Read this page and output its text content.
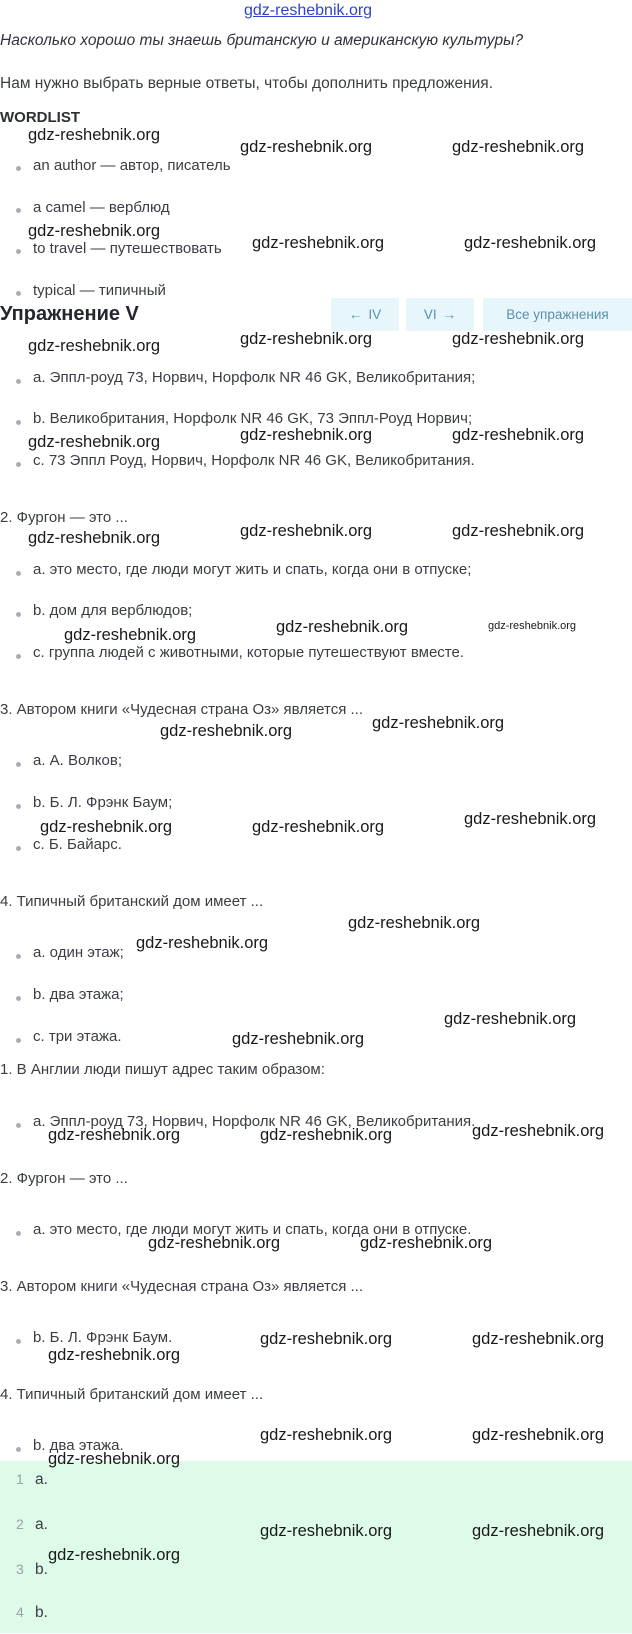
gdz-reshebnik.org
Насколько хорошо ты знаешь британскую и американскую культуры?
Нам нужно выбрать верные ответы, чтобы дополнить предложения.
WORDLIST
an author — автор, писатель
a camel — верблюд
to travel — путешествовать
typical — типичный
Упражнение V	← IV	VI →	Все упражнения
a. Эппл-роуд 73, Норвич, Норфолк NR 46 GK, Великобритания;
b. Великобритания, Норфолк NR 46 GK, 73 Эппл-Роуд Норвич;
c. 73 Эппл Роуд, Норвич, Норфолк NR 46 GK, Великобритания.
2. Фургон — это ...
a. это место, где люди могут жить и спать, когда они в отпуске;
b. дом для верблюдов;
c. группа людей с животными, которые путешествуют вместе.
3. Автором книги «Чудесная страна Оз» является ...
a. А. Волков;
b. Б. Л. Фрэнк Баум;
c. Б. Байарс.
4. Типичный британский дом имеет ...
a. один этаж;
b. два этажа;
c. три этажа.
1. В Англии люди пишут адрес таким образом:
a. Эппл-роуд 73, Норвич, Норфолк NR 46 GK, Великобритания.
2. Фургон — это ...
a. это место, где люди могут жить и спать, когда они в отпуске.
3. Автором книги «Чудесная страна Оз» является ...
b. Б. Л. Фрэнк Баум.
4. Типичный британский дом имеет ...
b. два этажа.
1 a.
2 a.
3 b.
4 b.
gdz-reshebnik.org
gdz-reshebnik.org	gdz-reshebnik.org
gdz-reshebnik.org
gdz-reshebnik.org	gdz-reshebnik.org
gdz-reshebnik.org	gdz-reshebnik.org	gdz-reshebnik.org
gdz-reshebnik.org	gdz-reshebnik.org	gdz-reshebnik.org
gdz-reshebnik.org	gdz-reshebnik.org	gdz-reshebnik.org
gdz-reshebnik.org	gdz-reshebnik.org	gdz-reshebnik.org
gdz-reshebnik.org	gdz-reshebnik.org
gdz-reshebnik.org	gdz-reshebnik.org	gdz-reshebnik.org
gdz-reshebnik.org
gdz-reshebnik.org
gdz-reshebnik.org
gdz-reshebnik.org
gdz-reshebnik.org	gdz-reshebnik.org	gdz-reshebnik.org
gdz-reshebnik.org	gdz-reshebnik.org
gdz-reshebnik.org	gdz-reshebnik.org
gdz-reshebnik.org
gdz-reshebnik.org	gdz-reshebnik.org
gdz-reshebnik.org
gdz-reshebnik.org	gdz-reshebnik.org
gdz-reshebnik.org
